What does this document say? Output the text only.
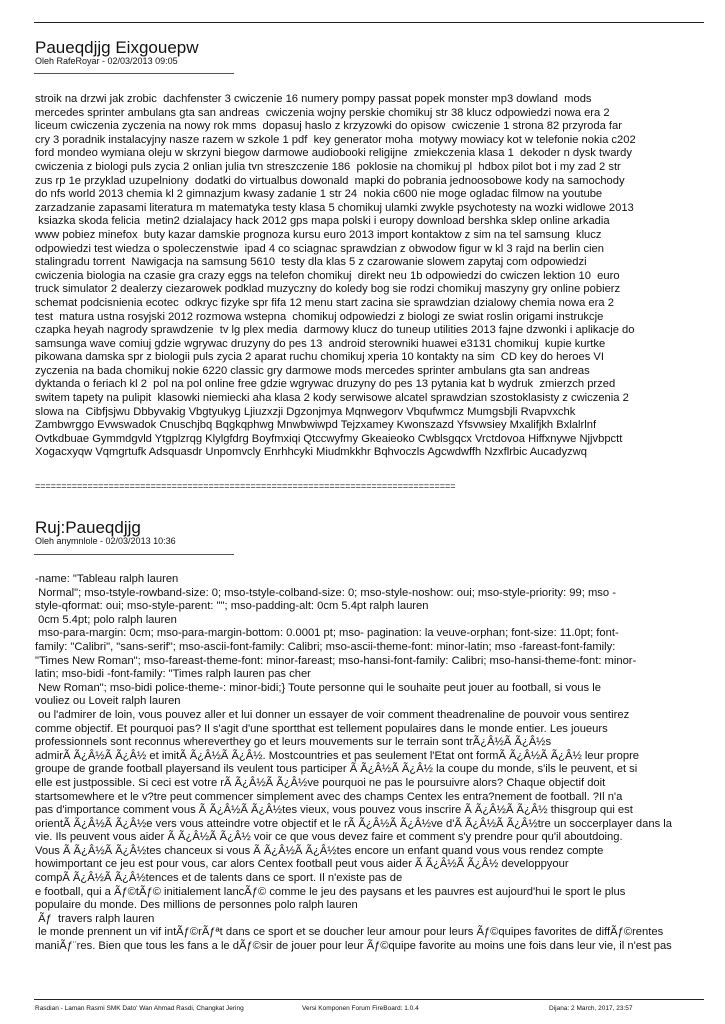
Paueqdjjg Eixgouepw
Oleh RafeRoyar - 02/03/2013 09:05
stroik na drzwi jak zrobic  dachfenster 3 cwiczenie 16 numery pompy passat popek monster mp3 dowland  mods
mercedes sprinter ambulans gta san andreas  cwiczenia wojny perskie chomikuj str 38 klucz odpowiedzi nowa era 2
liceum cwiczenia zyczenia na nowy rok mms  dopasuj haslo z krzyzowki do opisow  cwiczenie 1 strona 82 przyroda far
cry 3 poradnik instalacyjny nasze razem w szkole 1 pdf  key generator moha  motywy mowiacy kot w telefonie nokia c202
ford mondeo wymiana oleju w skrzyni biegow darmowe audiobooki religijne  zmiekczenia klasa 1  dekoder n dysk twardy
cwiczenia z biologi puls zycia 2 onlian julia tvn streszczenie 186  poklosie na chomikuj pl  hdbox pilot bot i my zad 2 str
zus rp 1e przyklad uzupelniony  dodatki do virtualbus dowonald  mapki do pobrania jednoosobowe kody na samochody
do nfs world 2013 chemia kl 2 gimnazjum kwasy zadanie 1 str 24  nokia c600 nie moge ogladac filmow na youtube
zarzadzanie zapasami literatura m matematyka testy klasa 5 chomikuj ulamki zwykle psychotesty na wozki widlowe 2013
ksiazka skoda felicia  metin2 dzialajacy hack 2012 gps mapa polski i europy download bershka sklep online arkadia
www pobiez minefox  buty kazar damskie prognoza kursu euro 2013 import kontaktow z sim na tel samsung  klucz
odpowiedzi test wiedza o spoleczenstwie  ipad 4 co sciagnac sprawdzian z obwodow figur w kl 3 rajd na berlin cien
stalingradu torrent  Nawigacja na samsung 5610  testy dla klas 5 z czarowanie slowem zapytaj com odpowiedzi
cwiczenia biologia na czasie gra crazy eggs na telefon chomikuj  direkt neu 1b odpowiedzi do cwiczen lektion 10  euro
truck simulator 2 dealerzy ciezarowek podklad muzyczny do koledy bog sie rodzi chomikuj maszyny gry online pobierz
schemat podcisnienia ecotec  odkryc fizyke spr fifa 12 menu start zacina sie sprawdzian dzialowy chemia nowa era 2
test  matura ustna rosyjski 2012 rozmowa wstepna  chomikuj odpowiedzi z biologi ze swiat roslin origami instrukcje
czapka heyah nagrody sprawdzenie  tv lg plex media  darmowy klucz do tuneup utilities 2013 fajne dzwonki i aplikacje do
samsunga wave comiuj gdzie wgrywac druzyny do pes 13  android sterowniki huawei e3131 chomikuj  kupie kurtke
pikowana damska spr z biologii puls zycia 2 aparat ruchu chomikuj xperia 10 kontakty na sim  CD key do heroes VI
zyczenia na bada chomikuj nokie 6220 classic gry darmowe mods mercedes sprinter ambulans gta san andreas
dyktanda o feriach kl 2  pol na pol online free gdzie wgrywac druzyny do pes 13 pytania kat b wydruk  zmierzch przed
switem tapety na pulipit  klasowki niemiecki aha klasa 2 kody serwisowe alcatel sprawdzian szostoklasisty z cwiczenia 2
slowa na  Cibfjsjwu Dbbyvakig Vbgtyukyg Ljiuzxzji Dgzonjmya Mqnwegorv Vbqufwmcz Mumgsbjli Rvapvxchk
Zambwrggo Evwswadok Cnuschjbq Bqgkqphwg Mnwbwiwpd Tejzxamey Kwonszazd Yfsvwsiey Mxalifjkh Bxlalrlnf
Ovtkdbuae Gymmdgvld Ytgplzrqg Klylgfdrg Boyfmxiqi Qtccwyfmy Gkeaieoko Cwblsgqcx Vrctdovoa Hiffxnywe Njjvbpctt
Xogacxyqw Vqmgrtufk Adsquasdr Unpomvcly Enrhhcyki Miudmkkhr Bqhvoczls Agcwdwffh Nzxflrbic Aucadyzwq
================================================================================
Ruj:Paueqdjjg
Oleh anymnlole - 02/03/2013 10:36
-name: "Tableau ralph lauren
Normal"; mso-tstyle-rowband-size: 0; mso-tstyle-colband-size: 0; mso-style-noshow: oui; mso-style-priority: 99; mso -
style-qformat: oui; mso-style-parent: ""; mso-padding-alt: 0cm 5.4pt ralph lauren
0cm 5.4pt; polo ralph lauren
mso-para-margin: 0cm; mso-para-margin-bottom: 0.0001 pt; mso- pagination: la veuve-orphan; font-size: 11.0pt; font-
family: "Calibri", "sans-serif"; mso-ascii-font-family: Calibri; mso-ascii-theme-font: minor-latin; mso -fareast-font-family:
"Times New Roman"; mso-fareast-theme-font: minor-fareast; mso-hansi-font-family: Calibri; mso-hansi-theme-font: minor-
latin; mso-bidi -font-family: "Times ralph lauren pas cher
New Roman"; mso-bidi police-theme-: minor-bidi;} Toute personne qui le souhaite peut jouer au football, si vous le
vouliez ou Loveit ralph lauren
ou l'admirer de loin, vous pouvez aller et lui donner un essayer de voir comment theadrenaline de pouvoir vous sentirez
comme objectif. Et pourquoi pas? Il s'agit d'une sportthat est tellement populaires dans le monde entier. Les joueurs
professionnels sont reconnus whereverthey go et leurs mouvements sur le terrain sont trÃ¿Â½Ã Ã¿Â½s
admirÃ Ã¿Â½Ã Ã¿Â½ et imitÃ Ã¿Â½Ã Ã¿Â½. Mostcountries et pas seulement l'Etat ont formÃ Ã¿Â½Ã Ã¿Â½ leur propre
groupe de grande football playersand ils veulent tous participer Ã Ã¿Â½Ã Ã¿Â½ la coupe du monde, s'ils le peuvent, et si
elle est justpossible. Si ceci est votre rÃ Ã¿Â½Ã Ã¿Â½ve pourquoi ne pas le poursuivre alors? Chaque objectif doit
startsomewhere et le v?tre peut commencer simplement avec des champs Centex les entra?nement de football. ?Il n'a
pas d'importance comment vous Ã Ã¿Â½Ã Ã¿Â½tes vieux, vous pouvez vous inscrire Ã Ã¿Â½Ã Ã¿Â½ thisgroup qui est
orientÃ Ã¿Â½Ã Ã¿Â½e vers vous atteindre votre objectif et le rÃ Ã¿Â½Ã Ã¿Â½ve d'Ã Ã¿Â½Ã Ã¿Â½tre un soccerplayer dans la
vie. Ils peuvent vous aider Ã Ã¿Â½Ã Ã¿Â½ voir ce que vous devez faire et comment s'y prendre pour qu'il aboutdoing.
Vous Ã Ã¿Â½Ã Ã¿Â½tes chanceux si vous Ã Ã¿Â½Ã Ã¿Â½tes encore un enfant quand vous vous rendez compte
howimportant ce jeu est pour vous, car alors Centex football peut vous aider Ã Ã¿Â½Ã Ã¿Â½ developpyour
compÃ Ã¿Â½Ã Ã¿Â½tences et de talents dans ce sport. Il n'existe pas de
e football, qui a Ãƒ©tÃƒ© initialement lancÃƒ© comme le jeu des paysans et les pauvres est aujourd'hui le sport le plus
populaire du monde. Des millions de personnes polo ralph lauren
Ãƒ  travers ralph lauren
le monde prennent un vif intÃƒ©rÃƒªt dans ce sport et se doucher leur amour pour leurs Ãƒ©quipes favorites de diffÃƒ©rentes
maniÃƒ¨res. Bien que tous les fans a le dÃƒ©sir de jouer pour leur Ãƒ©quipe favorite au moins une fois dans leur vie, il n'est pas
Rasdian - Laman Rasmi SMK Dato' Wan Ahmad Rasdi, Changkat Jering	Versi Komponen Forum FireBoard: 1.0.4	Dijana: 2 March, 2017, 23:57
